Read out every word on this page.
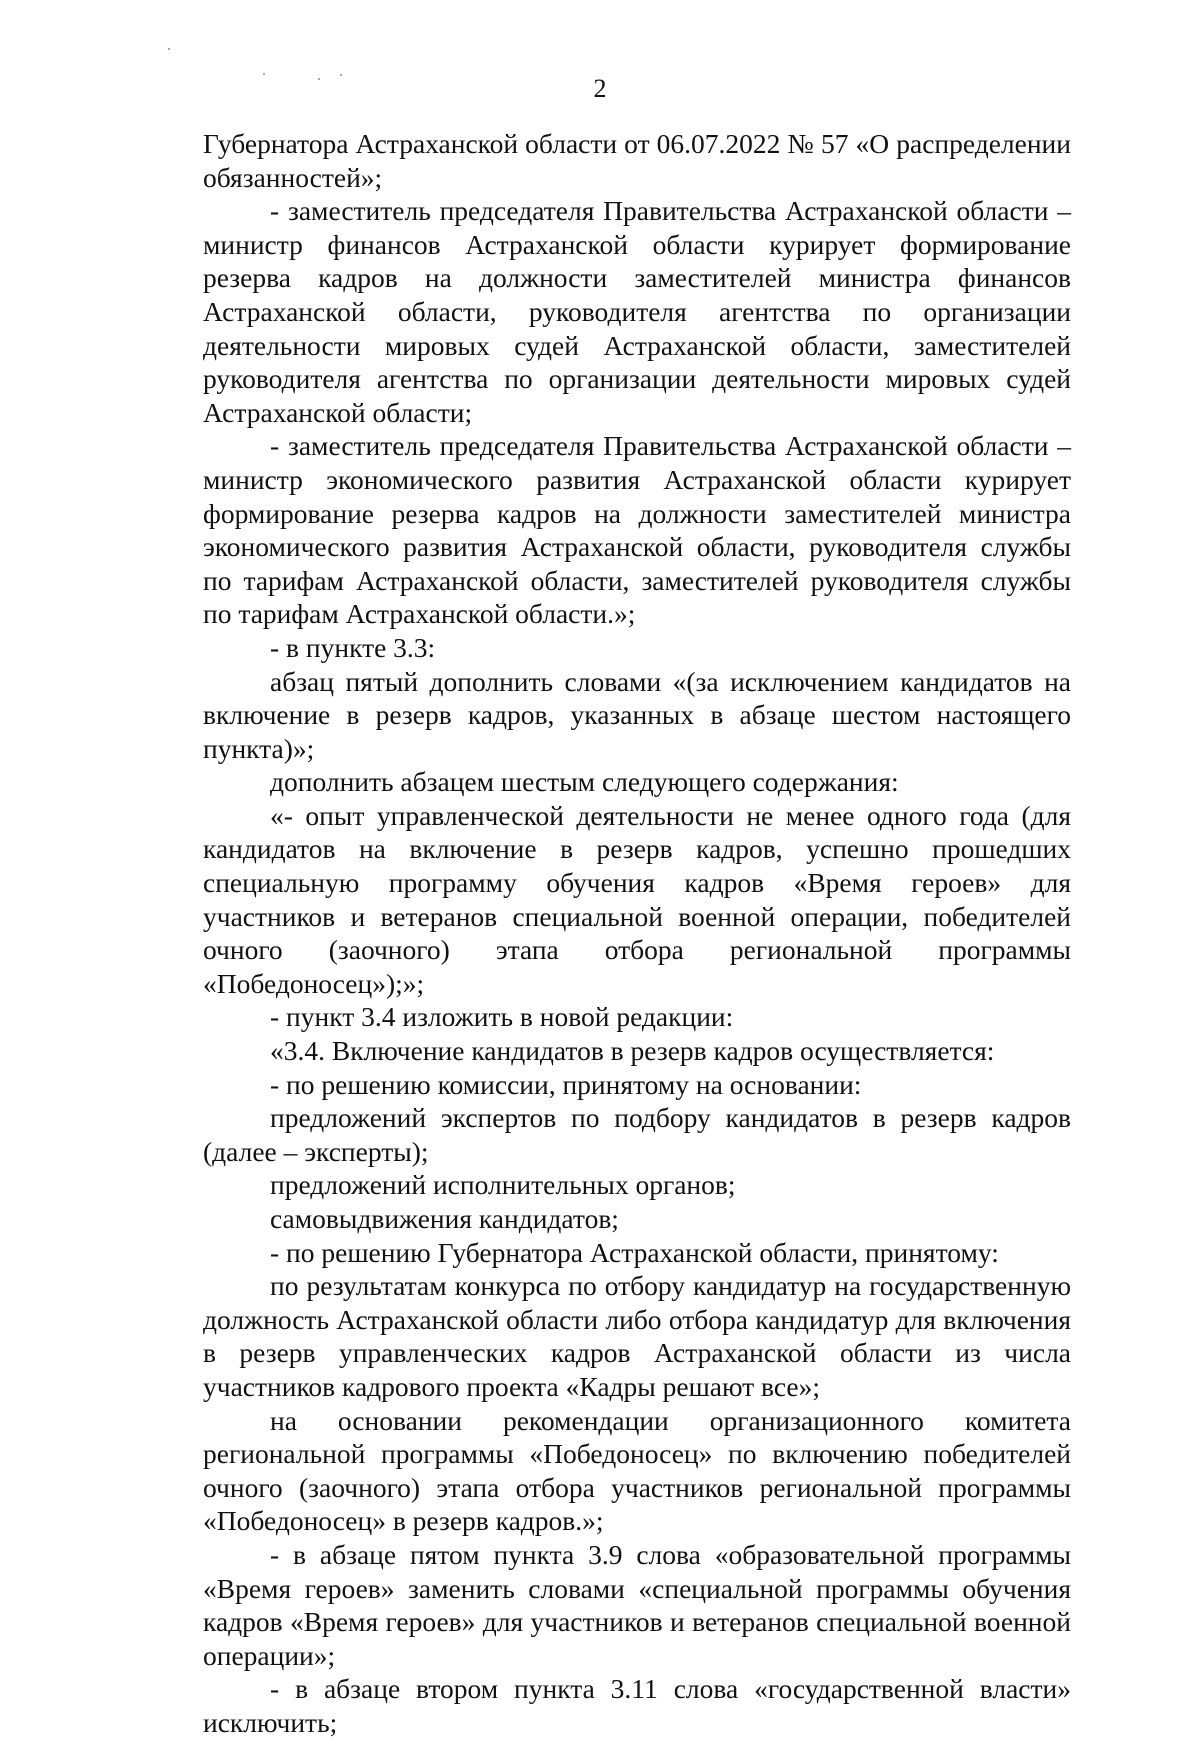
2

Губернатора Астраханской области от 06.07.2022 № 57 «О распределении обязанностей»;

- заместитель председателя Правительства Астраханской области – министр финансов Астраханской области курирует формирование резерва кадров на должности заместителей министра финансов Астраханской области, руководителя агентства по организации деятельности мировых судей Астраханской области, заместителей руководителя агентства по организации деятельности мировых судей Астраханской области;

- заместитель председателя Правительства Астраханской области – министр экономического развития Астраханской области курирует формирование резерва кадров на должности заместителей министра экономического развития Астраханской области, руководителя службы по тарифам Астраханской области, заместителей руководителя службы по тарифам Астраханской области.»;

- в пункте 3.3:

абзац пятый дополнить словами «(за исключением кандидатов на включение в резерв кадров, указанных в абзаце шестом настоящего пункта)»;

дополнить абзацем шестым следующего содержания:

«- опыт управленческой деятельности не менее одного года (для кандидатов на включение в резерв кадров, успешно прошедших специальную программу обучения кадров «Время героев» для участников и ветеранов специальной военной операции, победителей очного (заочного) этапа отбора региональной программы «Победоносец»);»;

- пункт 3.4 изложить в новой редакции:

«3.4. Включение кандидатов в резерв кадров осуществляется:

- по решению комиссии, принятому на основании:

предложений экспертов по подбору кандидатов в резерв кадров (далее – эксперты);

предложений исполнительных органов;

самовыдвижения кандидатов;

- по решению Губернатора Астраханской области, принятому:

по результатам конкурса по отбору кандидатур на государственную должность Астраханской области либо отбора кандидатур для включения в резерв управленческих кадров Астраханской области из числа участников кадрового проекта «Кадры решают все»;

на основании рекомендации организационного комитета региональной программы «Победоносец» по включению победителей очного (заочного) этапа отбора участников региональной программы «Победоносец» в резерв кадров.»;

- в абзаце пятом пункта 3.9 слова «образовательной программы «Время героев» заменить словами «специальной программы обучения кадров «Время героев» для участников и ветеранов специальной военной операции»;

- в абзаце втором пункта 3.11 слова «государственной власти» исключить;
